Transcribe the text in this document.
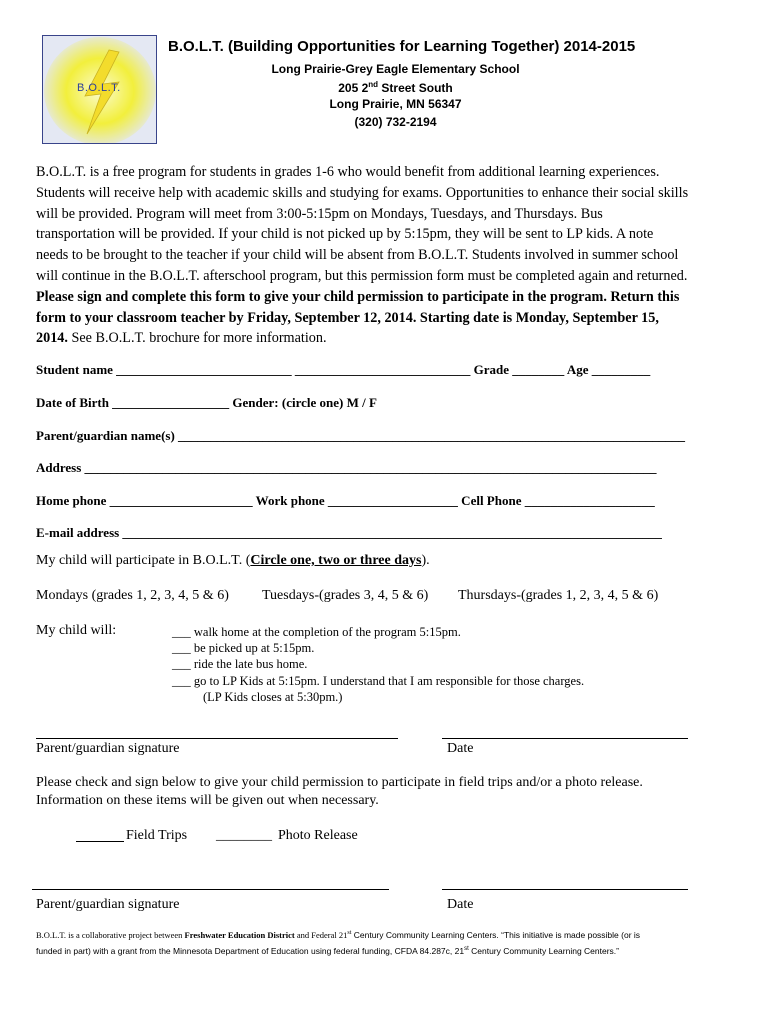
B.O.L.T.
B.O.L.T. (Building Opportunities for Learning Together) 2014-2015
Long Prairie-Grey Eagle Elementary School
205 2nd Street South
Long Prairie, MN 56347
(320) 732-2194
B.O.L.T. is a free program for students in grades 1-6 who would benefit from additional learning experiences.
Students will receive help with academic skills and studying for exams. Opportunities to enhance their social skills
will be provided. Program will meet from 3:00-5:15pm on Mondays, Tuesdays, and Thursdays. Bus
transportation will be provided. If your child is not picked up by 5:15pm, they will be sent to LP kids. A note
needs to be brought to the teacher if your child will be absent from B.O.L.T. Students involved in summer school
will continue in the B.O.L.T. afterschool program, but this permission form must be completed again and returned.
Please sign and complete this form to give your child permission to participate in the program. Return this
form to your classroom teacher by Friday, September 12, 2014. Starting date is Monday, September 15,
2014. See B.O.L.T. brochure for more information.
Student name ___________________________ ___________________________ Grade ________ Age _________
Date of Birth __________________ Gender: (circle one) M / F
Parent/guardian name(s) ______________________________________________________________________________
Address ________________________________________________________________________________________
Home phone ______________________ Work phone ____________________ Cell Phone ____________________
E-mail address ___________________________________________________________________________________
My child will participate in B.O.L.T. (Circle one, two or three days).
Mondays (grades 1, 2, 3, 4, 5 & 6) Tuesdays-(grades 3, 4, 5 & 6) Thursdays-(grades 1, 2, 3, 4, 5 & 6)
My child will:	___ walk home at the completion of the program 5:15pm.
___ be picked up at 5:15pm.
___ ride the late bus home.
___ go to LP Kids at 5:15pm. I understand that I am responsible for those charges.
(LP Kids closes at 5:30pm.)
Parent/guardian signature	Date
Please check and sign below to give your child permission to participate in field trips and/or a photo release.
Information on these items will be given out when necessary.
Field Trips ________ Photo Release
Parent/guardian signature	Date
B.O.L.T. is a collaborative project between Freshwater Education District and Federal 21st Century Community Learning Centers. “This initiative is made possible (or is
funded in part) with a grant from the Minnesota Department of Education using federal funding, CFDA 84.287c, 21st Century Community Learning Centers.”
